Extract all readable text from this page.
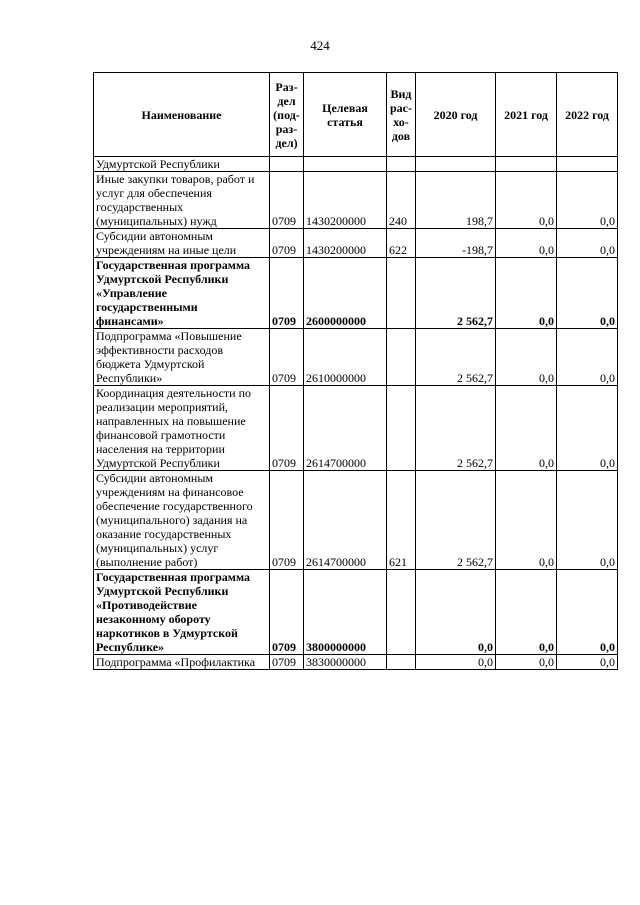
424
Наименование	Раз-дел (под-раз-дел)	Целевая статья	Вид рас-хо-дов	2020 год	2021 год	2022 год
Удмуртской Республики						
Иные закупки товаров, работ и услуг для обеспечения государственных (муниципальных) нужд	0709	1430200000	240	198,7	0,0	0,0
Субсидии автономным учреждениям на иные цели	0709	1430200000	622	-198,7	0,0	0,0
Государственная программа Удмуртской Республики «Управление государственными финансами»	0709	2600000000		2 562,7	0,0	0,0
Подпрограмма «Повышение эффективности расходов бюджета Удмуртской Республики»	0709	2610000000		2 562,7	0,0	0,0
Координация деятельности по реализации мероприятий, направленных на повышение финансовой грамотности населения на территории Удмуртской Республики	0709	2614700000		2 562,7	0,0	0,0
Субсидии автономным учреждениям на финансовое обеспечение государственного (муниципального) задания на оказание государственных (муниципальных) услуг (выполнение работ)	0709	2614700000	621	2 562,7	0,0	0,0
Государственная программа Удмуртской Республики «Противодействие незаконному обороту наркотиков в Удмуртской Республике»	0709	3800000000		0,0	0,0	0,0
Подпрограмма «Профилактика	0709	3830000000		0,0	0,0	0,0
